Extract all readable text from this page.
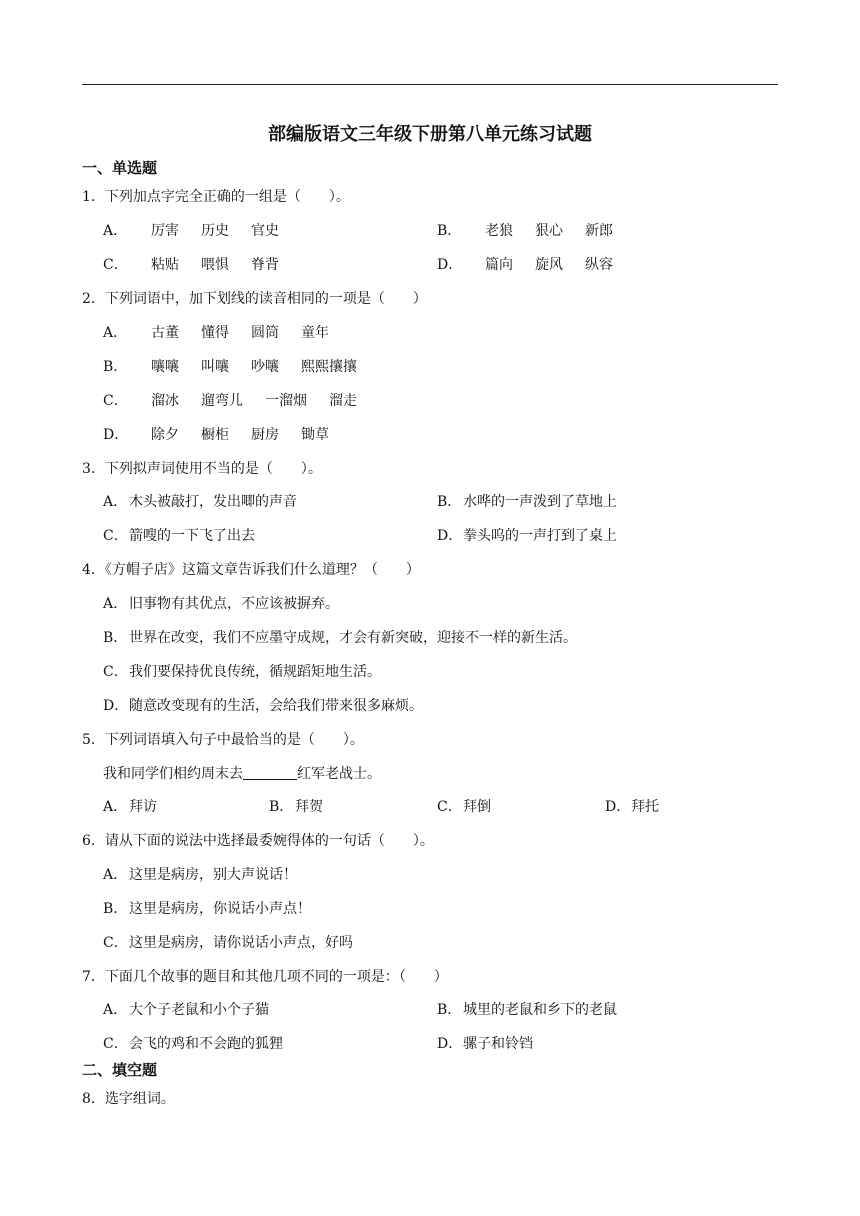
部编版语文三年级下册第八单元练习试题
一、单选题
1．下列加点字完全正确的一组是（　　）。
A． 厉害 历史 官史	B． 老狼 狠心 新郎
C． 粘贴 喂惧 脊背	D． 篇向 旋风 纵容
2．下列词语中，加下划线的读音相同的一项是（　　）
A． 古董 懂得 圆筒 童年
B． 嚷嚷 叫嚷 吵嚷 熙熙攘攘
C． 溜冰 遛弯儿 一溜烟 溜走
D． 除夕 橱柜 厨房 锄草
3．下列拟声词使用不当的是（　　）。
A． 木头被敲打，发出唧的声音	B． 水哗的一声泼到了草地上
C．箭嗖的一下飞了出去	D．拳头呜的一声打到了桌上
4．《方帽子店》这篇文章告诉我们什么道理？（　　）
A． 旧事物有其优点，不应该被摒弃。
B． 世界在改变，我们不应墨守成规，才会有新突破，迎接不一样的新生活。
C．我们要保持优良传统，循规蹈矩地生活。
D．随意改变现有的生活，会给我们带来很多麻烦。
5．下列词语填入句子中最恰当的是（　　）。
我和同学们相约周末去	红军老战士。
A． 拜访	B． 拜贺	C．拜倒	D．拜托
6．请从下面的说法中选择最委婉得体的一句话（　　）。
A． 这里是病房，别大声说话！
B． 这里是病房，你说话小声点！
C．这里是病房，请你说话小声点，好吗
7．下面几个故事的题目和其他几项不同的一项是：（　　）
A． 大个子老鼠和小个子猫	B． 城里的老鼠和乡下的老鼠
C．会飞的鸡和不会跑的狐狸	D．骡子和铃铛
二、填空题
8．选字组词。
